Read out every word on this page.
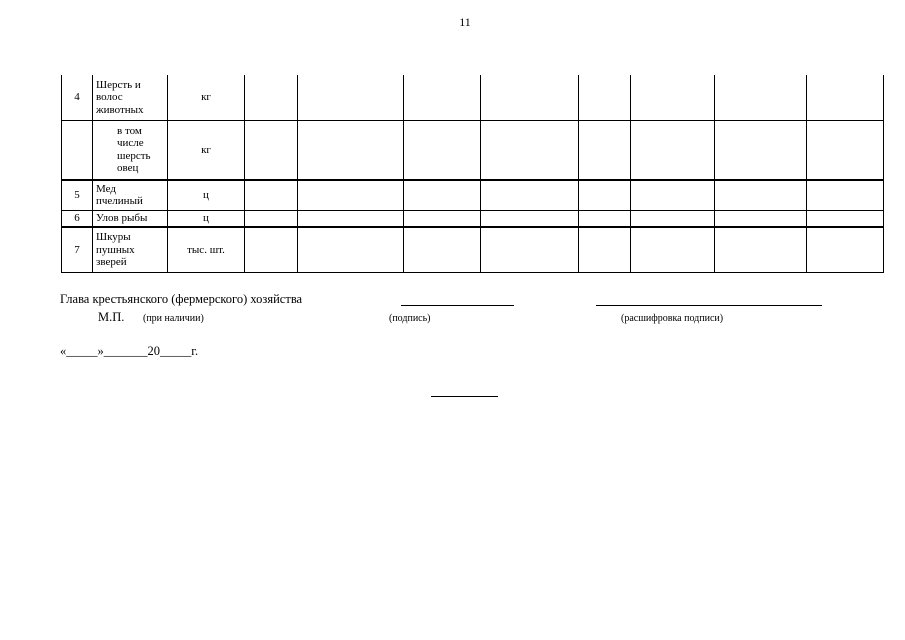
11
4	Шерсть и
волос
животных	кг								

	в том
числе
шерсть
овец	кг								
5	Мед
пчелиный	ц								
6	Улов рыбы	ц								
7	Шкуры
пушных
зверей	тыс. шт.								
Глава крестьянского (фермерского) хозяйства
М.П. (при наличии)	(подпись)	(расшифровка подписи)
«_____»_______20_____г.
